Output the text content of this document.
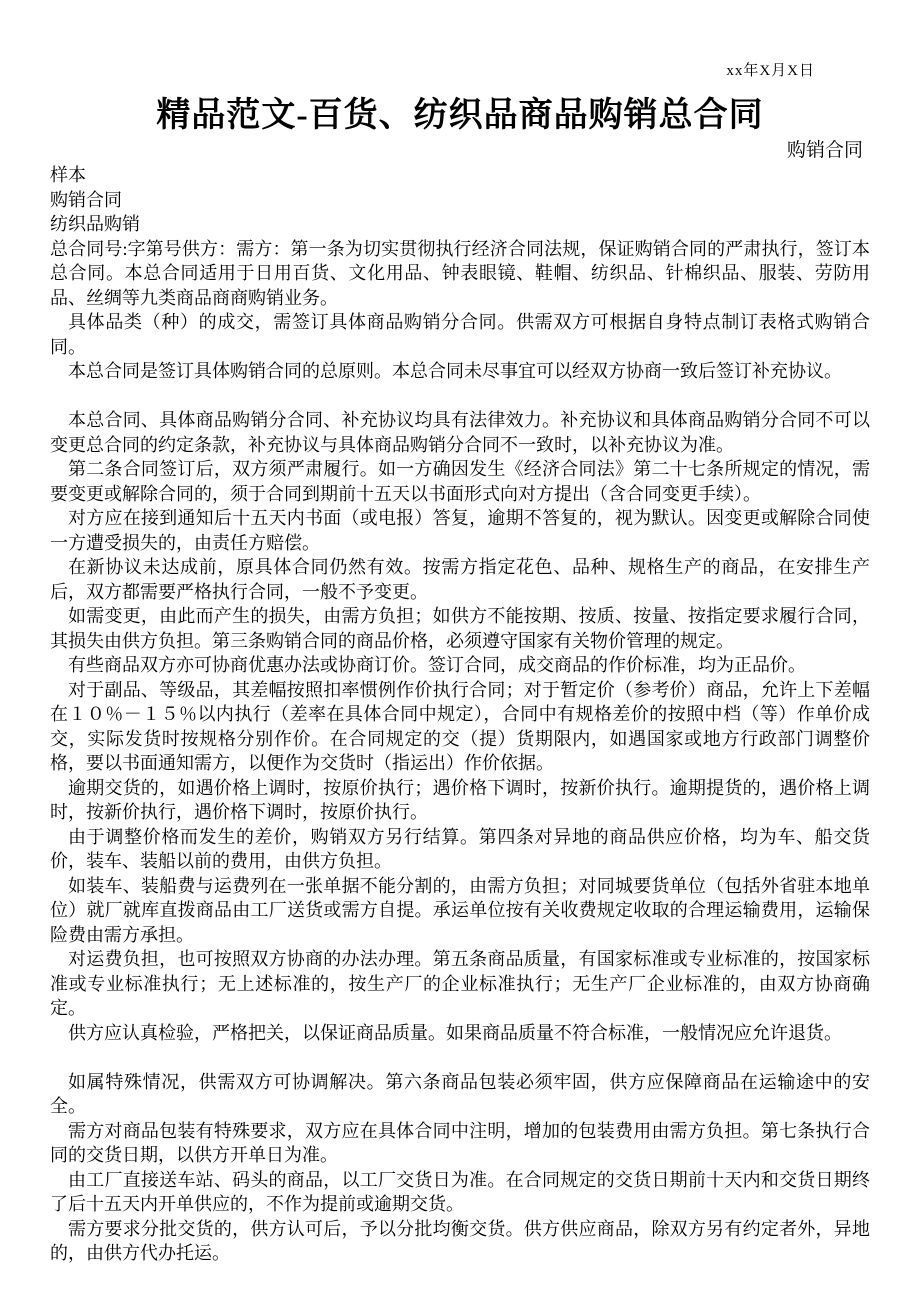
xx年X月X日
精品范文-百货、纺织品商品购销总合同
购销合同
样本
购销合同
纺织品购销

总合同号:字第号供方：需方：第一条为切实贯彻执行经济合同法规，保证购销合同的严肃执行，签订本总合同。本总合同适用于日用百货、文化用品、钟表眼镜、鞋帽、纺织品、针棉织品、服装、劳防用品、丝绸等九类商品商商购销业务。

具体品类（种）的成交，需签订具体商品购销分合同。供需双方可根据自身特点制订表格式购销合同。

本总合同是签订具体购销合同的总原则。本总合同未尽事宜可以经双方协商一致后签订补充协议。

本总合同、具体商品购销分合同、补充协议均具有法律效力。补充协议和具体商品购销分合同不可以变更总合同的约定条款，补充协议与具体商品购销分合同不一致时，以补充协议为准。

第二条合同签订后，双方须严肃履行。如一方确因发生《经济合同法》第二十七条所规定的情况，需要变更或解除合同的，须于合同到期前十五天以书面形式向对方提出（含合同变更手续）。

对方应在接到通知后十五天内书面（或电报）答复，逾期不答复的，视为默认。因变更或解除合同使一方遭受损失的，由责任方赔偿。

在新协议未达成前，原具体合同仍然有效。按需方指定花色、品种、规格生产的商品，在安排生产后，双方都需要严格执行合同，一般不予变更。

如需变更，由此而产生的损失，由需方负担；如供方不能按期、按质、按量、按指定要求履行合同，其损失由供方负担。第三条购销合同的商品价格，必须遵守国家有关物价管理的规定。

有些商品双方亦可协商优惠办法或协商订价。签订合同，成交商品的作价标准，均为正品价。

对于副品、等级品，其差幅按照扣率惯例作价执行合同；对于暂定价（参考价）商品，允许上下差幅在１０％－１５％以内执行（差率在具体合同中规定），合同中有规格差价的按照中档（等）作单价成交，实际发货时按规格分别作价。在合同规定的交（提）货期限内，如遇国家或地方行政部门调整价格，要以书面通知需方，以便作为交货时（指运出）作价依据。

逾期交货的，如遇价格上调时，按原价执行；遇价格下调时，按新价执行。逾期提货的，遇价格上调时，按新价执行，遇价格下调时，按原价执行。

由于调整价格而发生的差价，购销双方另行结算。第四条对异地的商品供应价格，均为车、船交货价，装车、装船以前的费用，由供方负担。

如装车、装船费与运费列在一张单据不能分割的，由需方负担；对同城要货单位（包括外省驻本地单位）就厂就库直拨商品由工厂送货或需方自提。承运单位按有关收费规定收取的合理运输费用，运输保险费由需方承担。

对运费负担，也可按照双方协商的办法办理。第五条商品质量，有国家标准或专业标准的，按国家标准或专业标准执行；无上述标准的，按生产厂的企业标准执行；无生产厂企业标准的，由双方协商确定。

供方应认真检验，严格把关，以保证商品质量。如果商品质量不符合标准，一般情况应允许退货。

如属特殊情况，供需双方可协调解决。第六条商品包装必须牢固，供方应保障商品在运输途中的安全。

需方对商品包装有特殊要求，双方应在具体合同中注明，增加的包装费用由需方负担。第七条执行合同的交货日期，以供方开单日为准。

由工厂直接送车站、码头的商品，以工厂交货日为准。在合同规定的交货日期前十天内和交货日期终了后十五天内开单供应的，不作为提前或逾期交货。

需方要求分批交货的，供方认可后，予以分批均衡交货。供方供应商品，除双方另有约定者外，异地的，由供方代办托运。
